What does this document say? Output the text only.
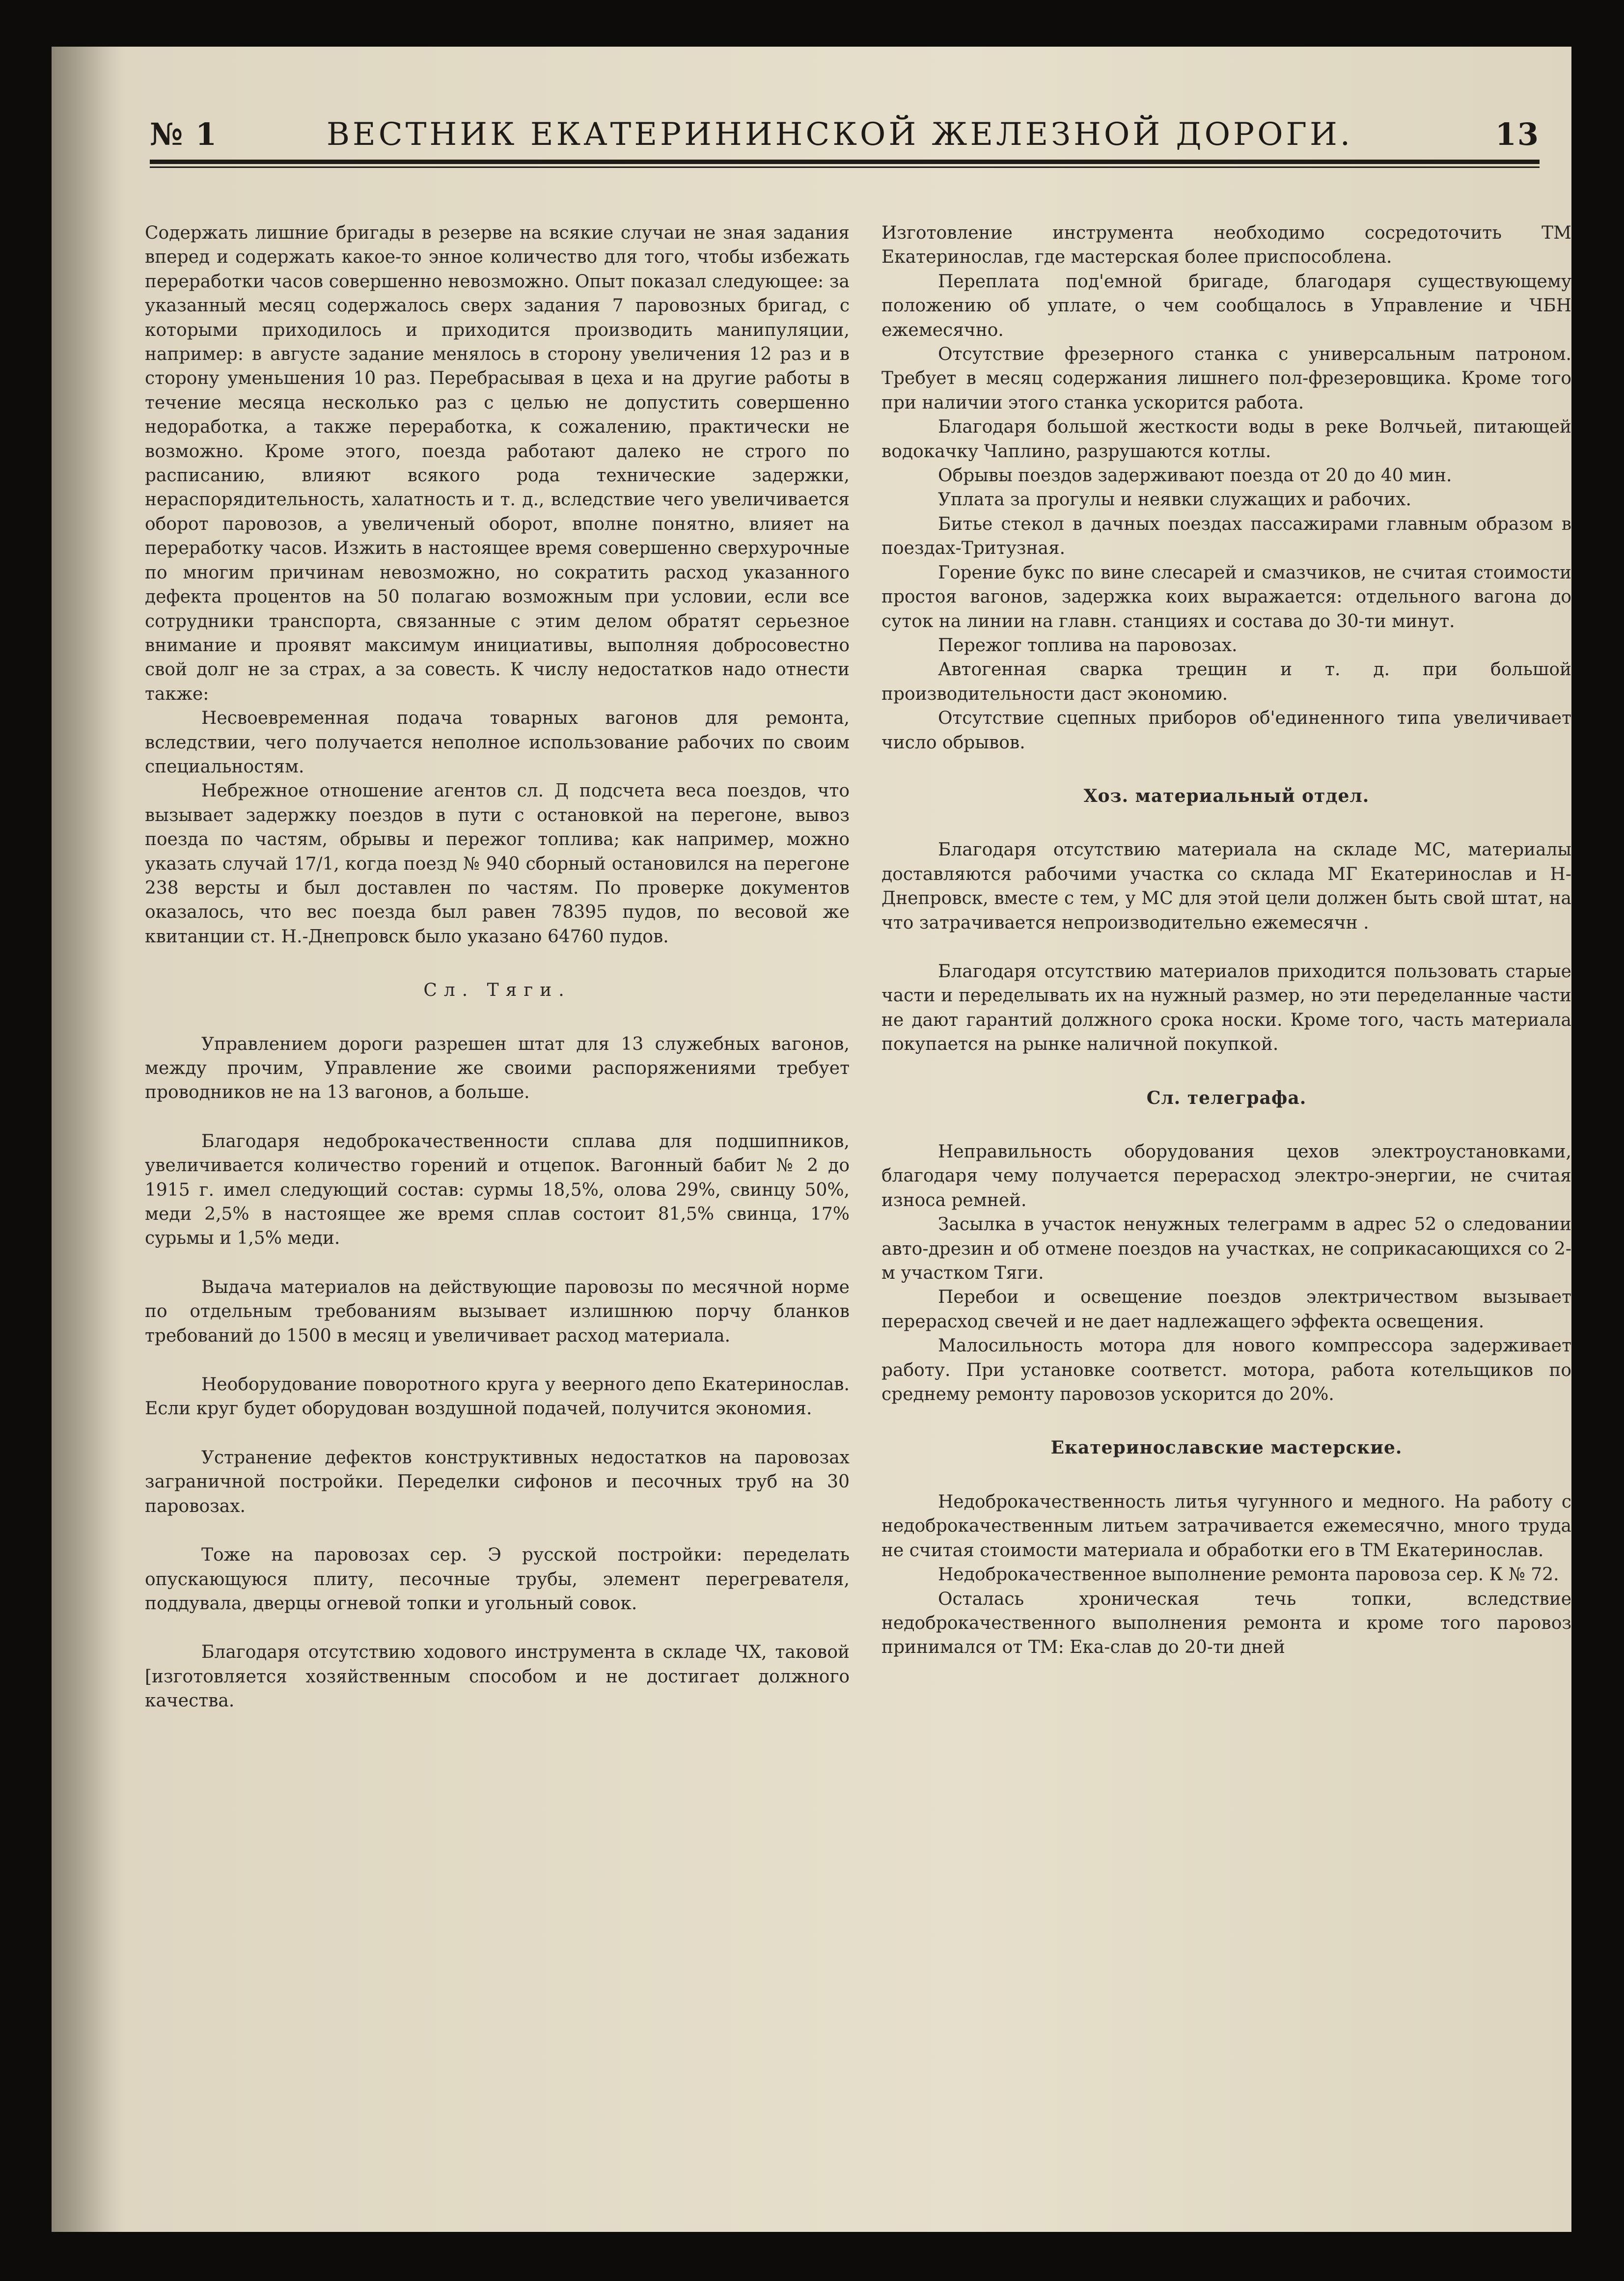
№ 1	ВЕСТНИК ЕКАТЕРИНИНСКОЙ ЖЕЛЕЗНОЙ ДОРОГИ.	13

Содержать лишние бригады в резерве на всякие случаи не зная задания вперед и содержать какое-то энное количество для того, чтобы избежать переработки часов совершенно невозможно. Опыт показал следующее: за указанный месяц содержалось сверх задания 7 паровозных бригад, с которыми приходилось и приходится производить манипуляции, например: в августе задание менялось в сторону увеличения 12 раз и в сторону уменьшения 10 раз. Перебрасывая в цеха и на другие работы в течение месяца несколько раз с целью не допустить совершенно недоработка, а также переработка, к сожалению, практически не возможно. Кроме этого, поезда работают далеко не строго по расписанию, влияют всякого рода технические задержки, нераспорядительность, халатность и т. д., вследствие чего увеличивается оборот паровозов, а увеличеный оборот, вполне понятно, влияет на переработку часов. Изжить в настоящее время совершенно сверхурочные по многим причинам невозможно, но сократить расход указанного дефекта процентов на 50 полагаю возможным при условии, если все сотрудники транспорта, связанные с этим делом обратят серьезное внимание и проявят максимум инициативы, выполняя добросовестно свой долг не за страх, а за совесть. К числу недостатков надо отнести также:

Несвоевременная подача товарных вагонов для ремонта, вследствии, чего получается неполное использование рабочих по своим специальностям.

Небрежное отношение агентов сл. Д подсчета веса поездов, что вызывает задержку поездов в пути с остановкой на перегоне, вывоз поезда по частям, обрывы и пережог топлива; как например, можно указать случай 17/1, когда поезд № 940 сборный остановился на перегоне 238 версты и был доставлен по частям. По проверке документов оказалось, что вес поезда был равен 78395 пудов, по весовой же квитанции ст. Н.-Днепровск было указано 64760 пудов.

Сл. Тяги.

Управлением дороги разрешен штат для 13 служебных вагонов, между прочим, Управление же своими распоряжениями требует проводников не на 13 вагонов, а больше.

Благодаря недоброкачественности сплава для подшипников, увеличивается количество горений и отцепок. Вагонный бабит № 2 до 1915 г. имел следующий состав: сурмы 18,5%, олова 29%, свинцу 50%, меди 2,5% в настоящее же время сплав состоит 81,5% свинца, 17% сурьмы и 1,5% меди.

Выдача материалов на действующие паровозы по месячной норме по отдельным требованиям вызывает излишнюю порчу бланков требований до 1500 в месяц и увеличивает расход материала.

Необорудование поворотного круга у веерного депо Екатеринослав. Если круг будет оборудован воздушной подачей, получится экономия.

Устранение дефектов конструктивных недостатков на паровозах заграничной постройки. Переделки сифонов и песочных труб на 30 паровозах.

Тоже на паровозах сер. Э русской постройки: переделать опускающуюся плиту, песочные трубы, элемент перегревателя, поддувала, дверцы огневой топки и угольный совок.

Благодаря отсутствию ходового инструмента в складе ЧХ, таковой [изготовляется хозяйственным способом и не достигает должного качества.

Изготовление инструмента необходимо сосредоточить ТМ Екатеринослав, где мастерская более приспособлена.

Переплата под'емной бригаде, благодаря существующему положению об уплате, о чем сообщалось в Управление и ЧБН ежемесячно.

Отсутствие фрезерного станка с универсальным патроном. Требует в месяц содержания лишнего пол-фрезеровщика. Кроме того при наличии этого станка ускорится работа.

Благодаря большой жесткости воды в реке Волчьей, питающей водокачку Чаплино, разрушаются котлы.

Обрывы поездов задерживают поезда от 20 до 40 мин.

Уплата за прогулы и неявки служащих и рабочих.

Битье стекол в дачных поездах пассажирами главным образом в поездах-Тритузная.

Горение букс по вине слесарей и смазчиков, не считая стоимости простоя вагонов, задержка коих выражается: отдельного вагона до суток на линии на главн. станциях и состава до 30-ти минут.

Пережог топлива на паровозах.

Автогенная сварка трещин и т. д. при большой производительности даст экономию.

Отсутствие сцепных приборов об'единенного типа увеличивает число обрывов.

Хоз. материальный отдел.

Благодаря отсутствию материала на складе МС, материалы доставляются рабочими участка со склада МГ Екатеринослав и Н-Днепровск, вместе с тем, у МС для этой цели должен быть свой штат, на что затрачивается непроизводительно ежемесячн .

Благодаря отсутствию материалов приходится пользовать старые части и переделывать их на нужный размер, но эти переделанные части не дают гарантий должного срока носки. Кроме того, часть материала покупается на рынке наличной покупкой.

Сл. телеграфа.

Неправильность оборудования цехов электроустановками, благодаря чему получается перерасход электро-энергии, не считая износа ремней.

Засылка в участок ненужных телеграмм в адрес 52 о следовании авто-дрезин и об отмене поездов на участках, не соприкасающихся со 2-м участком Тяги.

Перебои и освещение поездов электричеством вызывает перерасход свечей и не дает надлежащего эффекта освещения.

Малосильность мотора для нового компрессора задерживает работу. При установке соответст. мотора, работа котельщиков по среднему ремонту паровозов ускорится до 20%.

Екатеринославские мастерские.

Недоброкачественность литья чугунного и медного. На работу с недоброкачественным литьем затрачивается ежемесячно, много труда не считая стоимости материала и обработки его в ТМ Екатеринослав.

Недоброкачественное выполнение ремонта паровоза сер. К № 72.

Осталась хроническая течь топки, вследствие недоброкачественного выполнения ремонта и кроме того паровоз принимался от ТМ: Ека-слав до 20-ти дней
